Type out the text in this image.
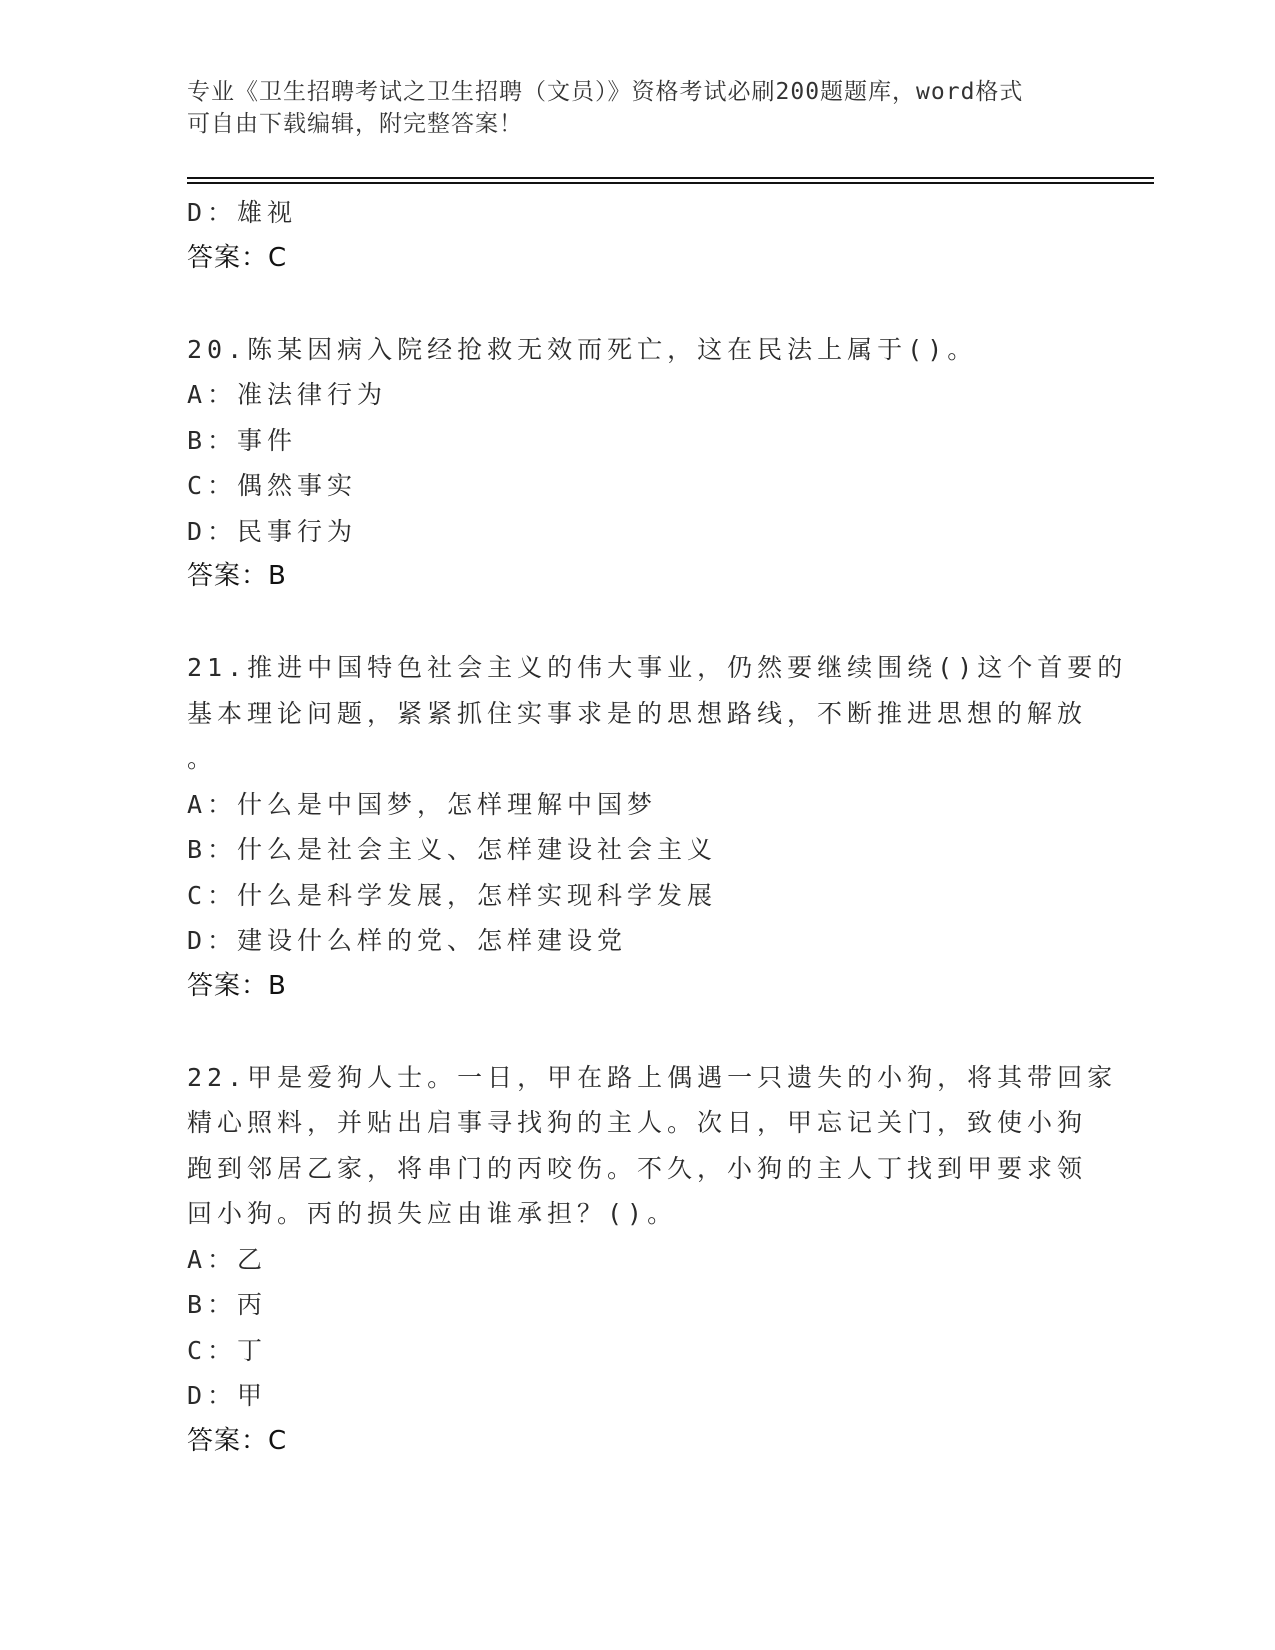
专业《卫生招聘考试之卫生招聘（文员）》资格考试必刷200题题库，word格式
可自由下载编辑，附完整答案！
D：雄视
答案：C
20.陈某因病入院经抢救无效而死亡，这在民法上属于()。
A：准法律行为
B：事件
C：偶然事实
D：民事行为
答案：B
21.推进中国特色社会主义的伟大事业，仍然要继续围绕()这个首要的
基本理论问题，紧紧抓住实事求是的思想路线，不断推进思想的解放
。
A：什么是中国梦，怎样理解中国梦
B：什么是社会主义、怎样建设社会主义
C：什么是科学发展，怎样实现科学发展
D：建设什么样的党、怎样建设党
答案：B
22.甲是爱狗人士。一日，甲在路上偶遇一只遗失的小狗，将其带回家
精心照料，并贴出启事寻找狗的主人。次日，甲忘记关门，致使小狗
跑到邻居乙家，将串门的丙咬伤。不久，小狗的主人丁找到甲要求领
回小狗。丙的损失应由谁承担？()。
A：乙
B：丙
C：丁
D：甲
答案：C
